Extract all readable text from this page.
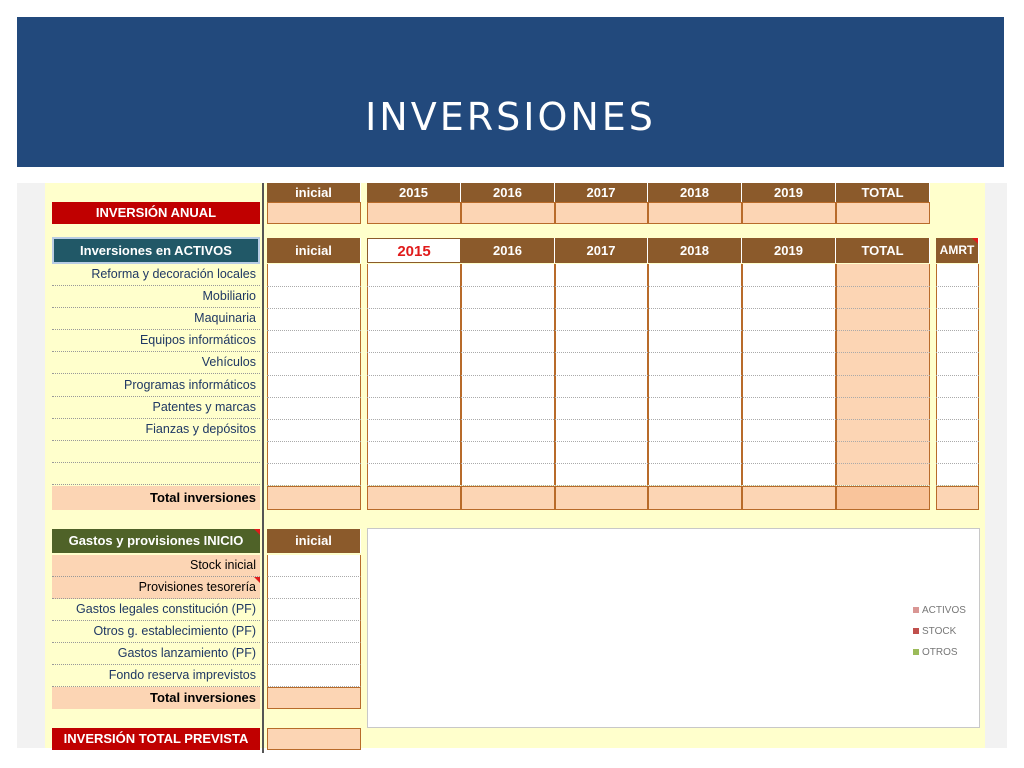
INVERSIONES
inicial	2015	2016	2017	2018	2019	TOTAL
INVERSIÓN ANUAL
Inversiones en ACTIVOS	inicial	2015	2016	2017	2018	2019	TOTAL	AMRT
Reforma y decoración locales
Mobiliario
Maquinaria
Equipos informáticos
Vehículos
Programas informáticos
Patentes y marcas
Fianzas y depósitos
Total inversiones
Gastos y provisiones INICIO	inicial
Stock inicial
Provisiones tesorería
Gastos legales constitución (PF)
Otros g. establecimiento (PF)
Gastos lanzamiento (PF)
Fondo reserva imprevistos
Total inversiones
ACTIVOS
STOCK
OTROS
INVERSIÓN TOTAL PREVISTA
